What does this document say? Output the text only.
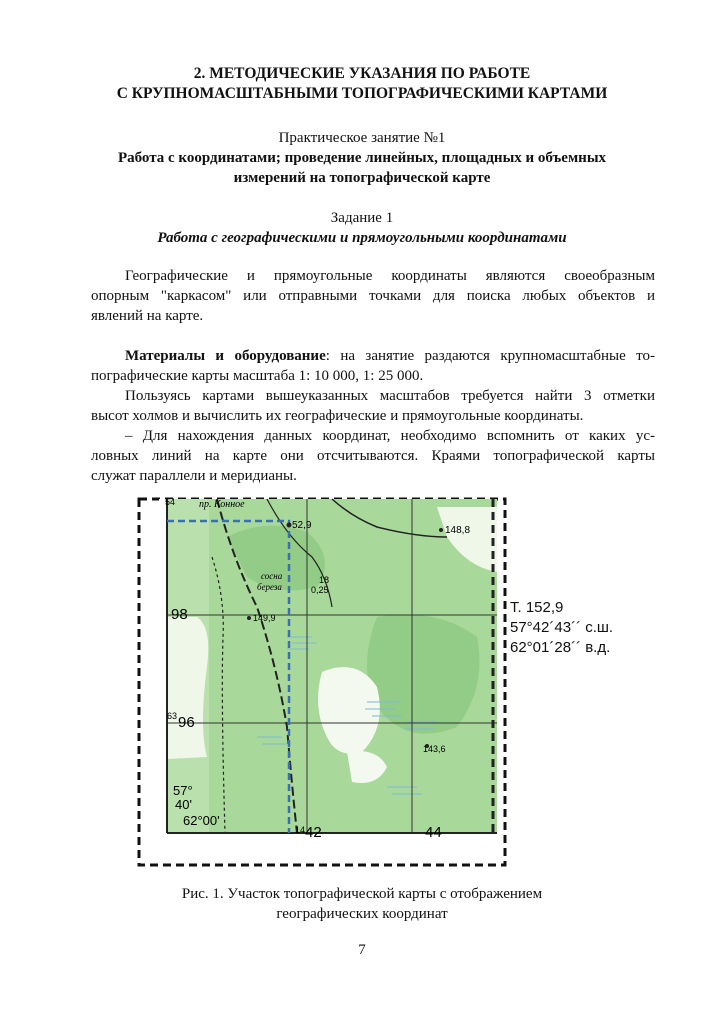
2. МЕТОДИЧЕСКИЕ УКАЗАНИЯ ПО РАБОТЕ
С КРУПНОМАСШТАБНЫМИ ТОПОГРАФИЧЕСКИМИ КАРТАМИ
Практическое занятие №1
Работа с координатами; проведение линейных, площадных и объемных
измерений на топографической карте
Задание 1
Работа с географическими и прямоугольными координатами
Географические и прямоугольные координаты являются своеобразным
опорным "каркасом" или отправными точками для поиска любых объектов и
явлений на карте.
Материалы и оборудование: на занятие раздаются крупномасштабные то-
пографические карты масштаба 1: 10 000, 1: 25 000.
Пользуясь картами вышеуказанных масштабов требуется найти 3 отметки
высот холмов и вычислить их географические и прямоугольные координаты.
– Для нахождения данных координат, необходимо вспомнить от каких ус-
ловных линий на карте они отсчитываются. Краями топографической карты
служат параллели и меридианы.
54 пр. Конное
52,9	148,8
сосна
береза
18
0,25
149,9
98
63 96
143,6
57°
40'
62°00'
14 42	44
Т. 152,9
57°42´43´´ с.ш.
62°01´28´´ в.д.
Рис. 1. Участок топографической карты с отображением
географических координат
7
